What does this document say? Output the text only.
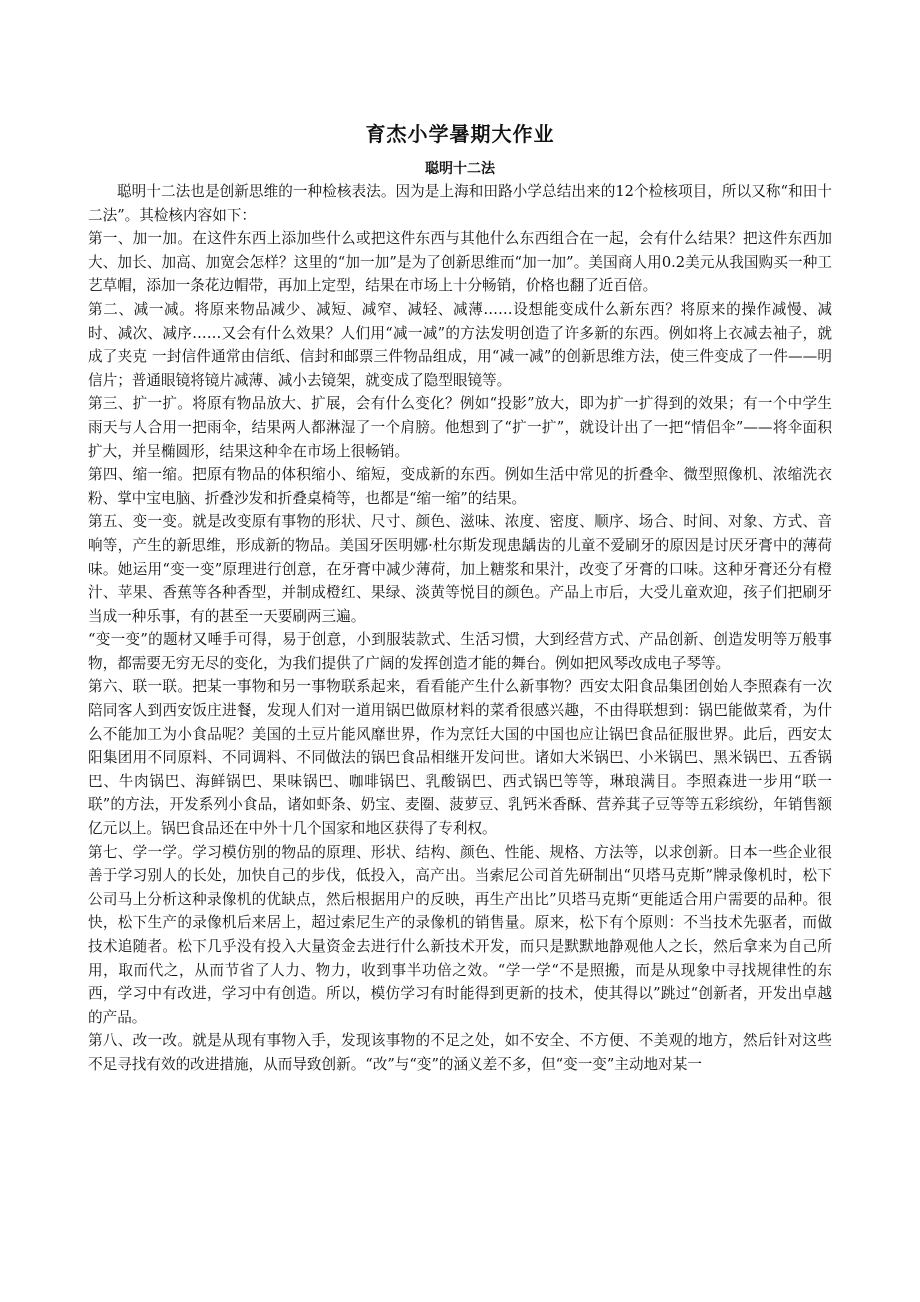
育杰小学暑期大作业
聪明十二法

聪明十二法也是创新思维的一种检核表法。因为是上海和田路小学总结出来的12个检核项目，所以又称“和田十二法”。其检核内容如下：

第一、加一加。在这件东西上添加些什么或把这件东西与其他什么东西组合在一起，会有什么结果？把这件东西加大、加长、加高、加宽会怎样？这里的“加一加”是为了创新思维而“加一加”。美国商人用0.2美元从我国购买一种工艺草帽，添加一条花边帽带，再加上定型，结果在市场上十分畅销，价格也翻了近百倍。

第二、减一减。将原来物品减少、减短、减窄、减轻、减薄……设想能变成什么新东西？将原来的操作减慢、减时、减次、减序……又会有什么效果？人们用“减一减”的方法发明创造了许多新的东西。例如将上衣减去袖子，就成了夹克 一封信件通常由信纸、信封和邮票三件物品组成，用“减一减”的创新思维方法，使三件变成了一件——明信片；普通眼镜将镜片减薄、减小去镜架，就变成了隐型眼镜等。

第三、扩一扩。将原有物品放大、扩展，会有什么变化？例如“投影”放大，即为扩一扩得到的效果；有一个中学生雨天与人合用一把雨伞，结果两人都淋湿了一个肩膀。他想到了“扩一扩”，就设计出了一把“情侣伞”——将伞面积扩大，并呈椭圆形，结果这种伞在市场上很畅销。

第四、缩一缩。把原有物品的体积缩小、缩短，变成新的东西。例如生活中常见的折叠伞、微型照像机、浓缩洗衣粉、掌中宝电脑、折叠沙发和折叠桌椅等，也都是“缩一缩”的结果。

第五、变一变。就是改变原有事物的形状、尺寸、颜色、滋味、浓度、密度、顺序、场合、时间、对象、方式、音响等，产生的新思维，形成新的物品。美国牙医明娜·杜尔斯发现患龋齿的儿童不爱刷牙的原因是讨厌牙膏中的薄荷味。她运用“变一变”原理进行创意，在牙膏中减少薄荷，加上糖浆和果汁，改变了牙膏的口味。这种牙膏还分有橙汁、苹果、香蕉等各种香型，并制成橙红、果绿、淡黄等悦目的颜色。产品上市后，大受儿童欢迎，孩子们把刷牙当成一种乐事，有的甚至一天要刷两三遍。

“变一变”的题材又唾手可得，易于创意，小到服装款式、生活习惯，大到经营方式、产品创新、创造发明等万般事物，都需要无穷无尽的变化，为我们提供了广阔的发挥创造才能的舞台。例如把风琴改成电子琴等。

第六、联一联。把某一事物和另一事物联系起来，看看能产生什么新事物？西安太阳食品集团创始人李照森有一次陪同客人到西安饭庄进餐，发现人们对一道用锅巴做原材料的菜肴很感兴趣，不由得联想到：锅巴能做菜肴，为什么不能加工为小食品呢？美国的土豆片能风靡世界，作为烹饪大国的中国也应让锅巴食品征服世界。此后，西安太阳集团用不同原料、不同调料、不同做法的锅巴食品相继开发问世。诸如大米锅巴、小米锅巴、黑米锅巴、五香锅巴、牛肉锅巴、海鲜锅巴、果味锅巴、咖啡锅巴、乳酸锅巴、西式锅巴等等，琳琅满目。李照森进一步用“联一联”的方法，开发系列小食品，诸如虾条、奶宝、麦圈、菠萝豆、乳钙米香酥、营养萁子豆等等五彩缤纷，年销售额亿元以上。锅巴食品还在中外十几个国家和地区获得了专利权。

第七、学一学。学习模仿别的物品的原理、形状、结构、颜色、性能、规格、方法等，以求创新。日本一些企业很善于学习别人的长处，加快自己的步伐，低投入，高产出。当索尼公司首先研制出“贝塔马克斯”牌录像机时，松下公司马上分析这种录像机的优缺点，然后根据用户的反映，再生产出比”贝塔马克斯“更能适合用户需要的品种。很快，松下生产的录像机后来居上，超过索尼生产的录像机的销售量。原来，松下有个原则：不当技术先驱者，而做技术追随者。松下几乎没有投入大量资金去进行什么新技术开发，而只是默默地静观他人之长，然后拿来为自己所用，取而代之，从而节省了人力、物力，收到事半功倍之效。“学一学“不是照搬，而是从现象中寻找规律性的东西，学习中有改进，学习中有创造。所以，模仿学习有时能得到更新的技术，使其得以”跳过“创新者，开发出卓越的产品。

第八、改一改。就是从现有事物入手，发现该事物的不足之处，如不安全、不方便、不美观的地方，然后针对这些不足寻找有效的改进措施，从而导致创新。“改”与“变”的涵义差不多，但“变一变”主动地对某一
